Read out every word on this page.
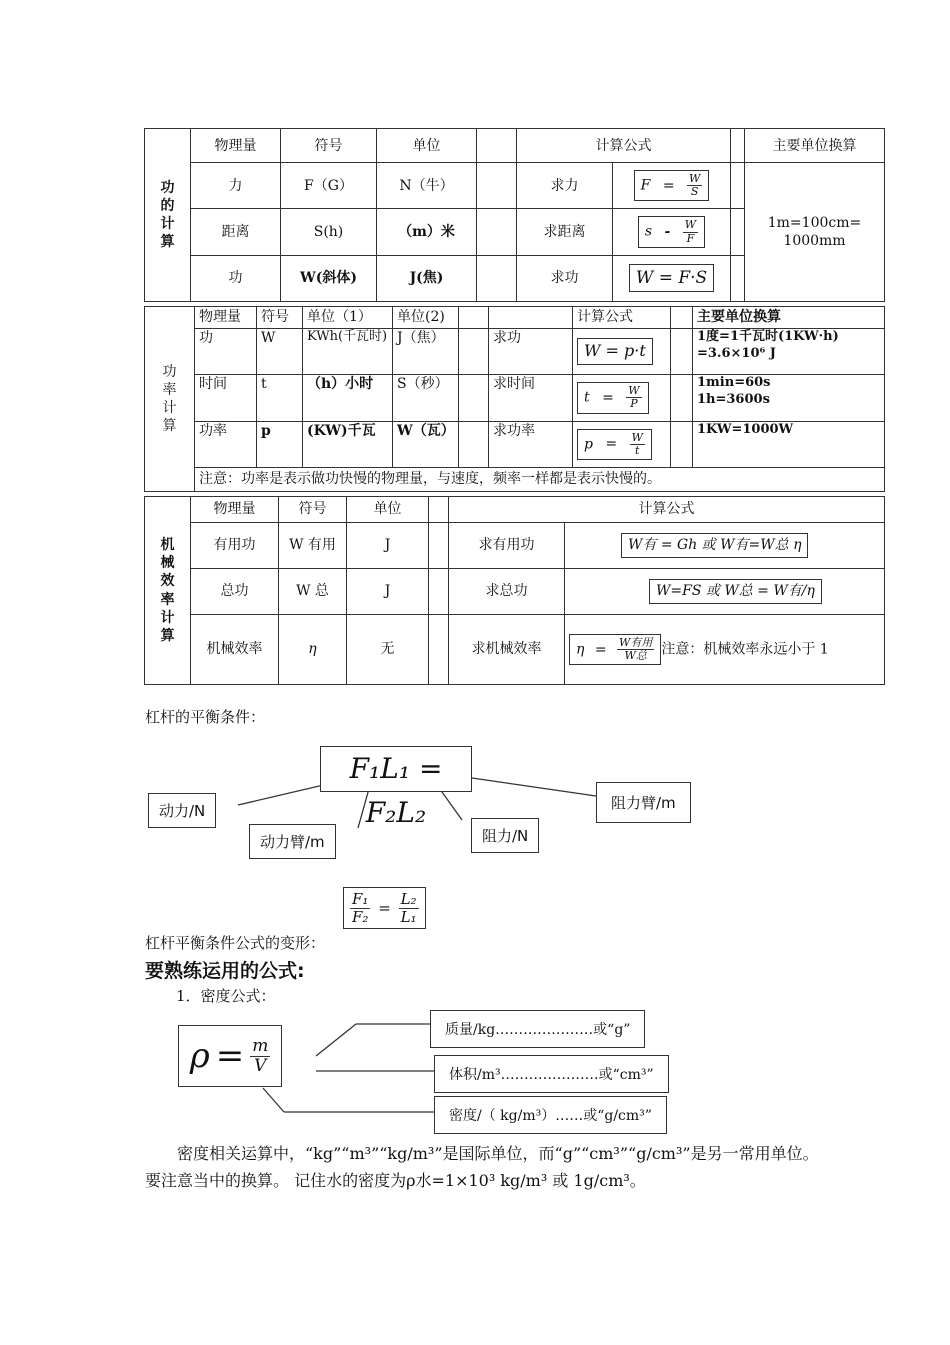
功的计算	物理量	符号	单位		计算公式			主要单位换算
	力	F（G）	N（牛）		求力	$F = \frac{W}{S}$		1m=100cm=
1000mm
	距离	S(h)	（m）米		求距离	s - $\frac{W}{F}$

	功	W(斜体)	J(焦)		求功	W = F·S		
功率计算	物理量	符号	单位（1）	单位(2)			计算公式		主要单位换算
	功	W	KWh(千瓦时)	J（焦）		求功	W = p·t		1度=1千瓦时(1KW·h)
=3.6×10⁶ J
	时间	t	（h）小时	S（秒）		求时间	$t = \frac{W}{P}$		1min=60s
1h=3600s
	功率	p	(KW)千瓦	W（瓦）		求功率	$p = \frac{W}{t}$		1KW=1000W
	注意：功率是表示做功快慢的物理量，与速度，频率一样都是表示快慢的。								
机械效率计算	物理量	符号	单位		计算公式	
	有用功	W 有用	J		求有用功	W有 = Gh 或 W有=W总 η
	总功	W 总	J		求总功	W=FS 或 W总 = W有/η
	机械效率	η	无		求机械效率	$\eta = \frac{\text{W有用}}{\text{W总}}$ 注意：机械效率永远小于 1
杠杆的平衡条件：
F₁L₁ = F₂L₂
动力/N
动力臂/m	阻力/N
阻力臂/m
杠杆平衡条件公式的变形：
$\frac{\text{F₁}}{\text{F₂}} = \frac{\text{L₂}}{\text{L₁}}$
要熟练运用的公式:
1．密度公式：
$\rho = \frac{m}{V}$
质量/kg…………………或“g”
体积/m³…………………或“cm³”
密度/（ kg/m³）……或“g/cm³”
密度相关运算中，“kg”“m³”“kg/m³”是国际单位，而“g”“cm³”“g/cm³”是另一常用单位。要注意当中的换算。 记住水的密度为ρ水=1×10³ kg/m³ 或 1g/cm³。
